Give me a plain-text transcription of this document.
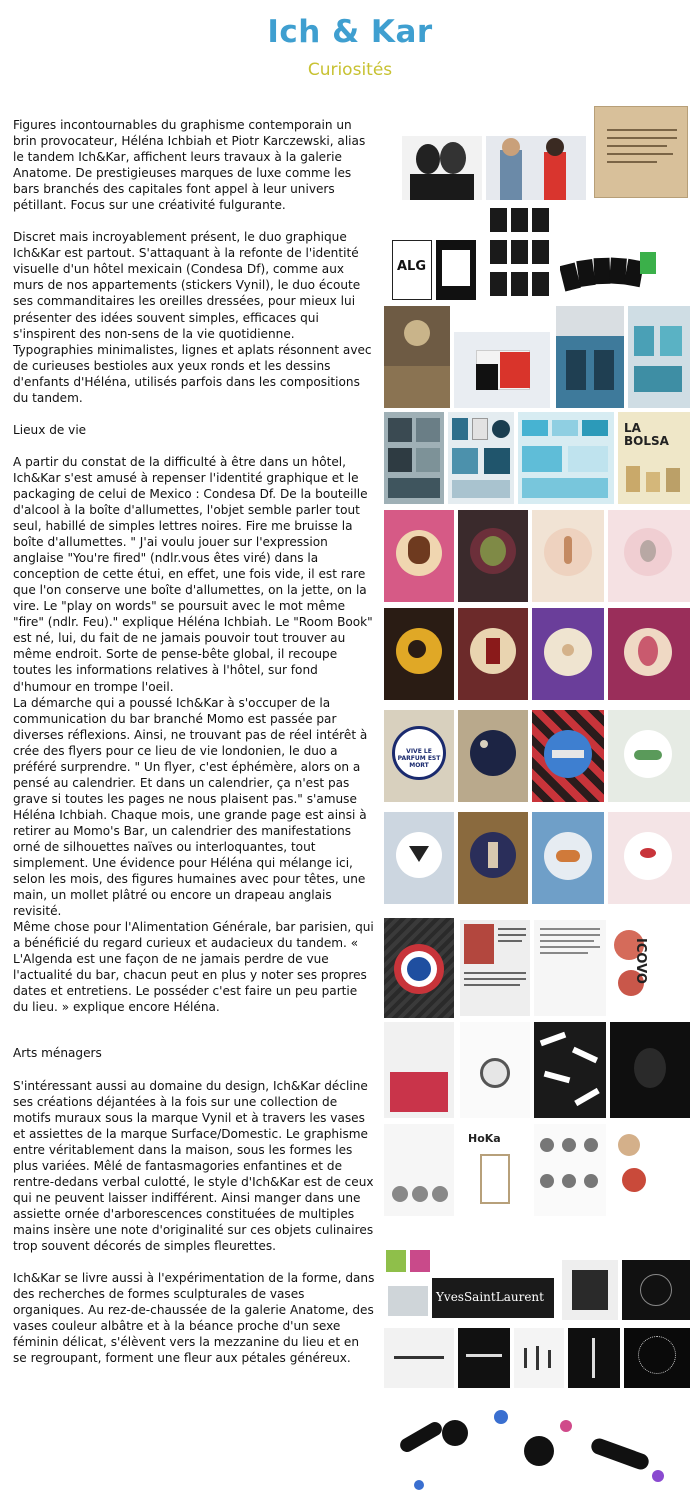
Ich & Kar
Curiosités

Figures incontournables du graphisme contemporain un brin provocateur, Héléna Ichbiah et Piotr Karczewski, alias le tandem Ich&Kar, affichent leurs travaux à la galerie Anatome. De prestigieuses marques de luxe comme les bars branchés des capitales font appel à leur univers pétillant. Focus sur une créativité fulgurante.

Discret mais incroyablement présent, le duo graphique Ich&Kar est partout. S'attaquant à la refonte de l'identité visuelle d'un hôtel mexicain (Condesa Df), comme aux murs de nos appartements (stickers Vynil), le duo écoute ses commanditaires les oreilles dressées, pour mieux lui présenter des idées souvent simples, efficaces qui s'inspirent des non-sens de la vie quotidienne. Typographies minimalistes, lignes et aplats résonnent avec de curieuses bestioles aux yeux ronds et les dessins d'enfants d'Héléna, utilisés parfois dans les compositions du tandem.

Lieux de vie

A partir du constat de la difficulté à être dans un hôtel, Ich&Kar s'est amusé à repenser l'identité graphique et le packaging de celui de Mexico : Condesa Df. De la bouteille d'alcool à la boîte d'allumettes, l'objet semble parler tout seul, habillé de simples lettres noires. Fire me bruisse la boîte d'allumettes. " J'ai voulu jouer sur l'expression anglaise "You're fired" (ndlr.vous êtes viré) dans la conception de cette étui, en effet, une fois vide, il est rare que l'on conserve une boîte d'allumettes, on la jette, on la vire. Le "play on words" se poursuit avec le mot même "fire" (ndlr. Feu)." explique Héléna Ichbiah. Le "Room Book" est né, lui, du fait de ne jamais pouvoir tout trouver au même endroit. Sorte de pense-bête global, il recoupe toutes les informations relatives à l'hôtel, sur fond d'humour en trompe l'oeil.

La démarche qui a poussé Ich&Kar à s'occuper de la communication du bar branché Momo est passée par diverses réflexions. Ainsi, ne trouvant pas de réel intérêt à crée des flyers pour ce lieu de vie londonien, le duo a préféré surprendre. " Un flyer, c'est éphémère, alors on a pensé au calendrier. Et dans un calendrier, ça n'est pas grave si toutes les pages ne nous plaisent pas." s'amuse Héléna Ichbiah. Chaque mois, une grande page est ainsi à retirer au Momo's Bar, un calendrier des manifestations orné de silhouettes naïves ou interloquantes, tout simplement. Une évidence pour Héléna qui mélange ici, selon les mois, des figures humaines avec pour têtes, une main, un mollet plâtré ou encore un drapeau anglais revisité.

Même chose pour l'Alimentation Générale, bar parisien, qui a bénéficié du regard curieux et audacieux du tandem. « L'Algenda est une façon de ne jamais perdre de vue l'actualité du bar, chacun peut en plus y noter ses propres dates et entretiens. Le posséder c'est faire un peu partie du lieu. » explique encore Héléna.

Arts ménagers

S'intéressant aussi au domaine du design, Ich&Kar décline ses créations déjantées à la fois sur une collection de motifs muraux sous la marque Vynil et à travers les vases et assiettes de la marque Surface/Domestic. Le graphisme entre véritablement dans la maison, sous les formes les plus variées. Mêlé de fantasmagories enfantines et de rentre-dedans verbal culotté, le style d'Ich&Kar est de ceux qui ne peuvent laisser indifférent. Ainsi manger dans une assiette ornée d'arborescences constituées de multiples mains insère une note d'originalité sur ces objets culinaires trop souvent décorés de simples fleurettes.

Ich&Kar se livre aussi à l'expérimentation de la forme, dans des recherches de formes sculpturales de vases organiques. Au rez-de-chaussée de la galerie Anatome, des vases couleur albâtre et à la béance proche d'un sexe féminin délicat, s'élèvent vers la mezzanine du lieu et en se regroupant, forment une fleur aux pétales généreux.

ALG
LA BOLSA
VIVE LE PARFUM EST MORT
ICOVO
HoKa
YvesSaintLaurent
